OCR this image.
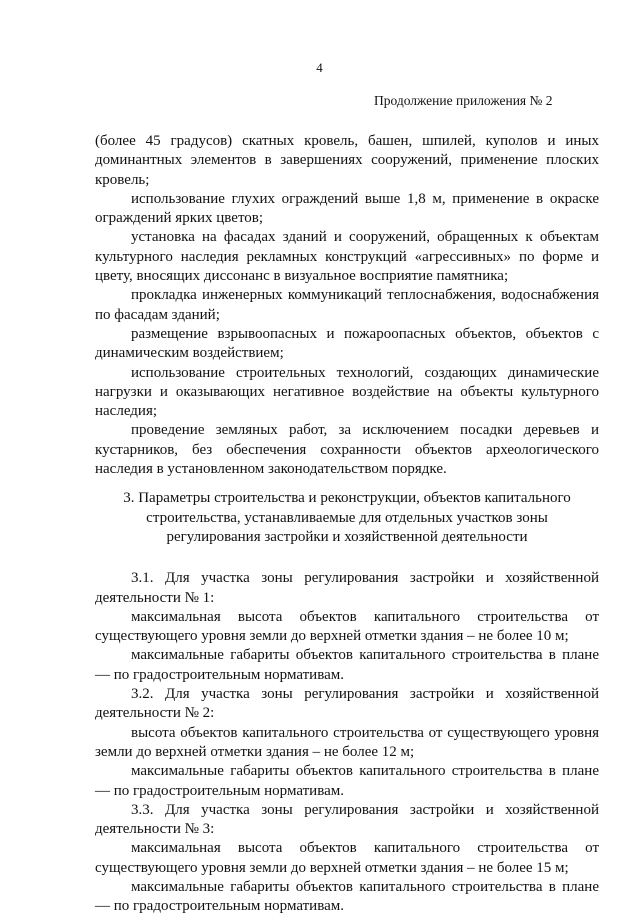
4
Продолжение приложения № 2

(более 45 градусов) скатных кровель, башен, шпилей, куполов и иных доминантных элементов в завершениях сооружений, применение плоских кровель;

использование глухих ограждений выше 1,8 м, применение в окраске ограждений ярких цветов;

установка на фасадах зданий и сооружений, обращенных к объектам культурного наследия рекламных конструкций «агрессивных» по форме и цвету, вносящих диссонанс в визуальное восприятие памятника;

прокладка инженерных коммуникаций теплоснабжения, водоснабжения по фасадам зданий;

размещение взрывоопасных и пожароопасных объектов, объектов с динамическим воздействием;

использование строительных технологий, создающих динамические нагрузки и оказывающих негативное воздействие на объекты культурного наследия;

проведение земляных работ, за исключением посадки деревьев и кустарников, без обеспечения сохранности объектов археологического наследия в установленном законодательством порядке.

3. Параметры строительства и реконструкции, объектов капитального строительства, устанавливаемые для отдельных участков зоны регулирования застройки и хозяйственной деятельности

3.1. Для участка зоны регулирования застройки и хозяйственной деятельности № 1:

максимальная высота объектов капитального строительства от существующего уровня земли до верхней отметки здания – не более 10 м;

максимальные габариты объектов капитального строительства в плане — по градостроительным нормативам.

3.2. Для участка зоны регулирования застройки и хозяйственной деятельности № 2:

высота объектов капитального строительства от существующего уровня земли до верхней отметки здания – не более 12 м;

максимальные габариты объектов капитального строительства в плане — по градостроительным нормативам.

3.3. Для участка зоны регулирования застройки и хозяйственной деятельности № 3:

максимальная высота объектов капитального строительства от существующего уровня земли до верхней отметки здания – не более 15 м;

максимальные габариты объектов капитального строительства в плане — по градостроительным нормативам.
